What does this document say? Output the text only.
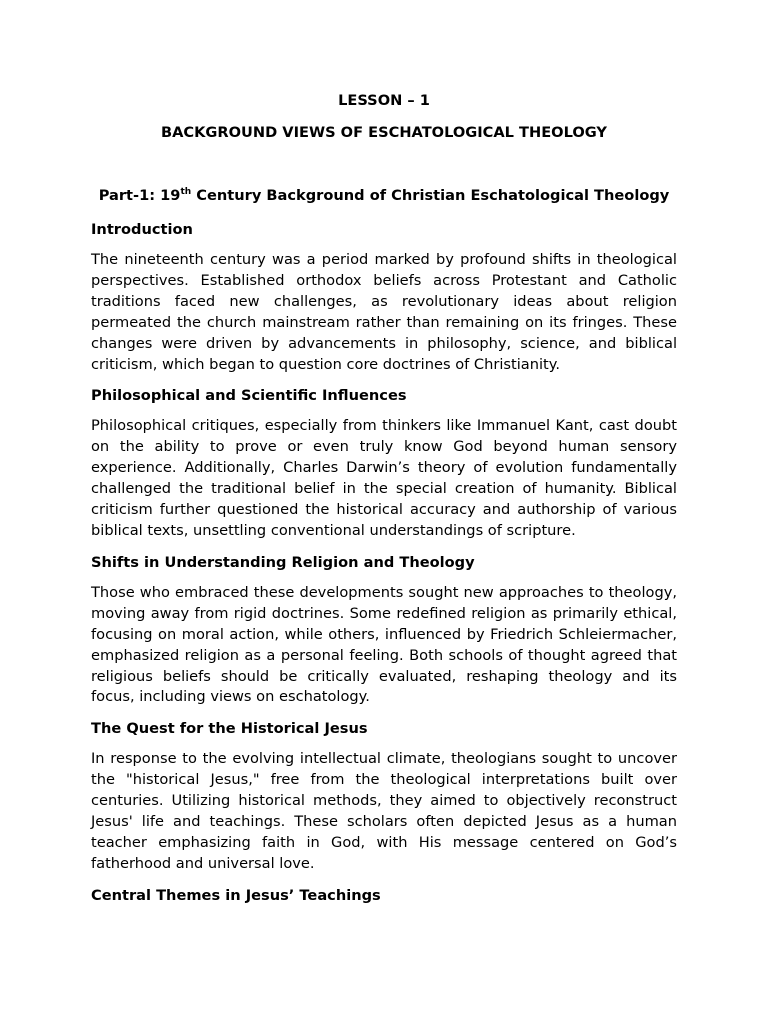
LESSON – 1

BACKGROUND VIEWS OF ESCHATOLOGICAL THEOLOGY

Part-1: 19th Century Background of Christian Eschatological Theology

Introduction

The nineteenth century was a period marked by profound shifts in theological perspectives. Established orthodox beliefs across Protestant and Catholic traditions faced new challenges, as revolutionary ideas about religion permeated the church mainstream rather than remaining on its fringes. These changes were driven by advancements in philosophy, science, and biblical criticism, which began to question core doctrines of Christianity.

Philosophical and Scientific Influences

Philosophical critiques, especially from thinkers like Immanuel Kant, cast doubt on the ability to prove or even truly know God beyond human sensory experience. Additionally, Charles Darwin’s theory of evolution fundamentally challenged the traditional belief in the special creation of humanity. Biblical criticism further questioned the historical accuracy and authorship of various biblical texts, unsettling conventional understandings of scripture.

Shifts in Understanding Religion and Theology

Those who embraced these developments sought new approaches to theology, moving away from rigid doctrines. Some redefined religion as primarily ethical, focusing on moral action, while others, influenced by Friedrich Schleiermacher, emphasized religion as a personal feeling. Both schools of thought agreed that religious beliefs should be critically evaluated, reshaping theology and its focus, including views on eschatology.

The Quest for the Historical Jesus

In response to the evolving intellectual climate, theologians sought to uncover the "historical Jesus," free from the theological interpretations built over centuries. Utilizing historical methods, they aimed to objectively reconstruct Jesus' life and teachings. These scholars often depicted Jesus as a human teacher emphasizing faith in God, with His message centered on God’s fatherhood and universal love.

Central Themes in Jesus’ Teachings
